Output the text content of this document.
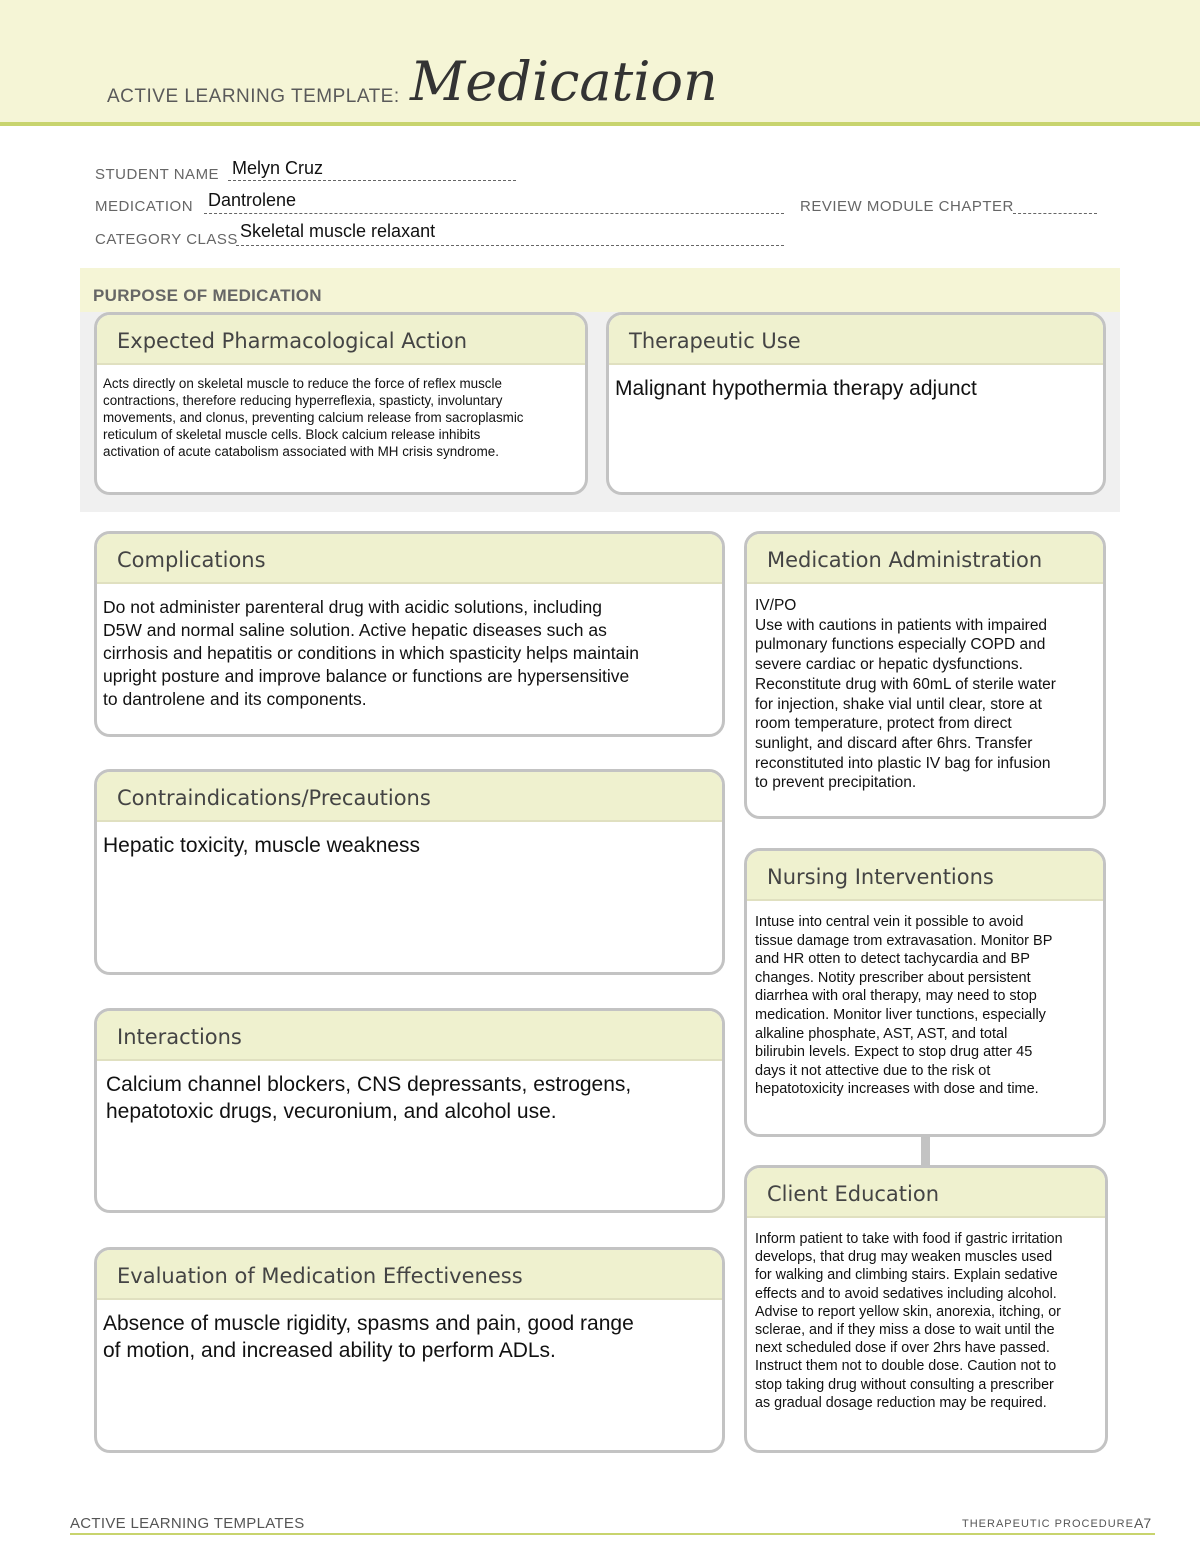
ACTIVE LEARNING TEMPLATE: Medication
STUDENT NAME Melyn Cruz
MEDICATION Dantrolene	REVIEW MODULE CHAPTER
CATEGORY CLASS Skeletal muscle relaxant
PURPOSE OF MEDICATION
Expected Pharmacological Action
Acts directly on skeletal muscle to reduce the force of reflex muscle
contractions, therefore reducing hyperreflexia, spasticty, involuntary
movements, and clonus, preventing calcium release from sacroplasmic
reticulum of skeletal muscle cells. Block calcium release inhibits
activation of acute catabolism associated with MH crisis syndrome.
Therapeutic Use
Malignant hypothermia therapy adjunct
Complications
Do not administer parenteral drug with acidic solutions, including
D5W and normal saline solution. Active hepatic diseases such as
cirrhosis and hepatitis or conditions in which spasticity helps maintain
upright posture and improve balance or functions are hypersensitive
to dantrolene and its components.
Medication Administration
IV/PO
Use with cautions in patients with impaired
pulmonary functions especially COPD and
severe cardiac or hepatic dysfunctions.
Reconstitute drug with 60mL of sterile water
for injection, shake vial until clear, store at
room temperature, protect from direct
sunlight, and discard after 6hrs. Transfer
reconstituted into plastic IV bag for infusion
to prevent precipitation.
Contraindications/Precautions
Hepatic toxicity, muscle weakness
Nursing Interventions
Intuse into central vein it possible to avoid
tissue damage trom extravasation. Monitor BP
and HR otten to detect tachycardia and BP
changes. Notity prescriber about persistent
diarrhea with oral therapy, may need to stop
medication. Monitor liver tunctions, especially
alkaline phosphate, AST, AST, and total
bilirubin levels. Expect to stop drug atter 45
days it not attective due to the risk ot
hepatotoxicity increases with dose and time.
Interactions
Calcium channel blockers, CNS depressants, estrogens,
hepatotoxic drugs, vecuronium, and alcohol use.
Client Education
Inform patient to take with food if gastric irritation
develops, that drug may weaken muscles used
for walking and climbing stairs. Explain sedative
effects and to avoid sedatives including alcohol.
Advise to report yellow skin, anorexia, itching, or
sclerae, and if they miss a dose to wait until the
next scheduled dose if over 2hrs have passed.
Instruct them not to double dose. Caution not to
stop taking drug without consulting a prescriber
as gradual dosage reduction may be required.
Evaluation of Medication Effectiveness
Absence of muscle rigidity, spasms and pain, good range
of motion, and increased ability to perform ADLs.
ACTIVE LEARNING TEMPLATES	THERAPEUTIC PROCEDURE A7
